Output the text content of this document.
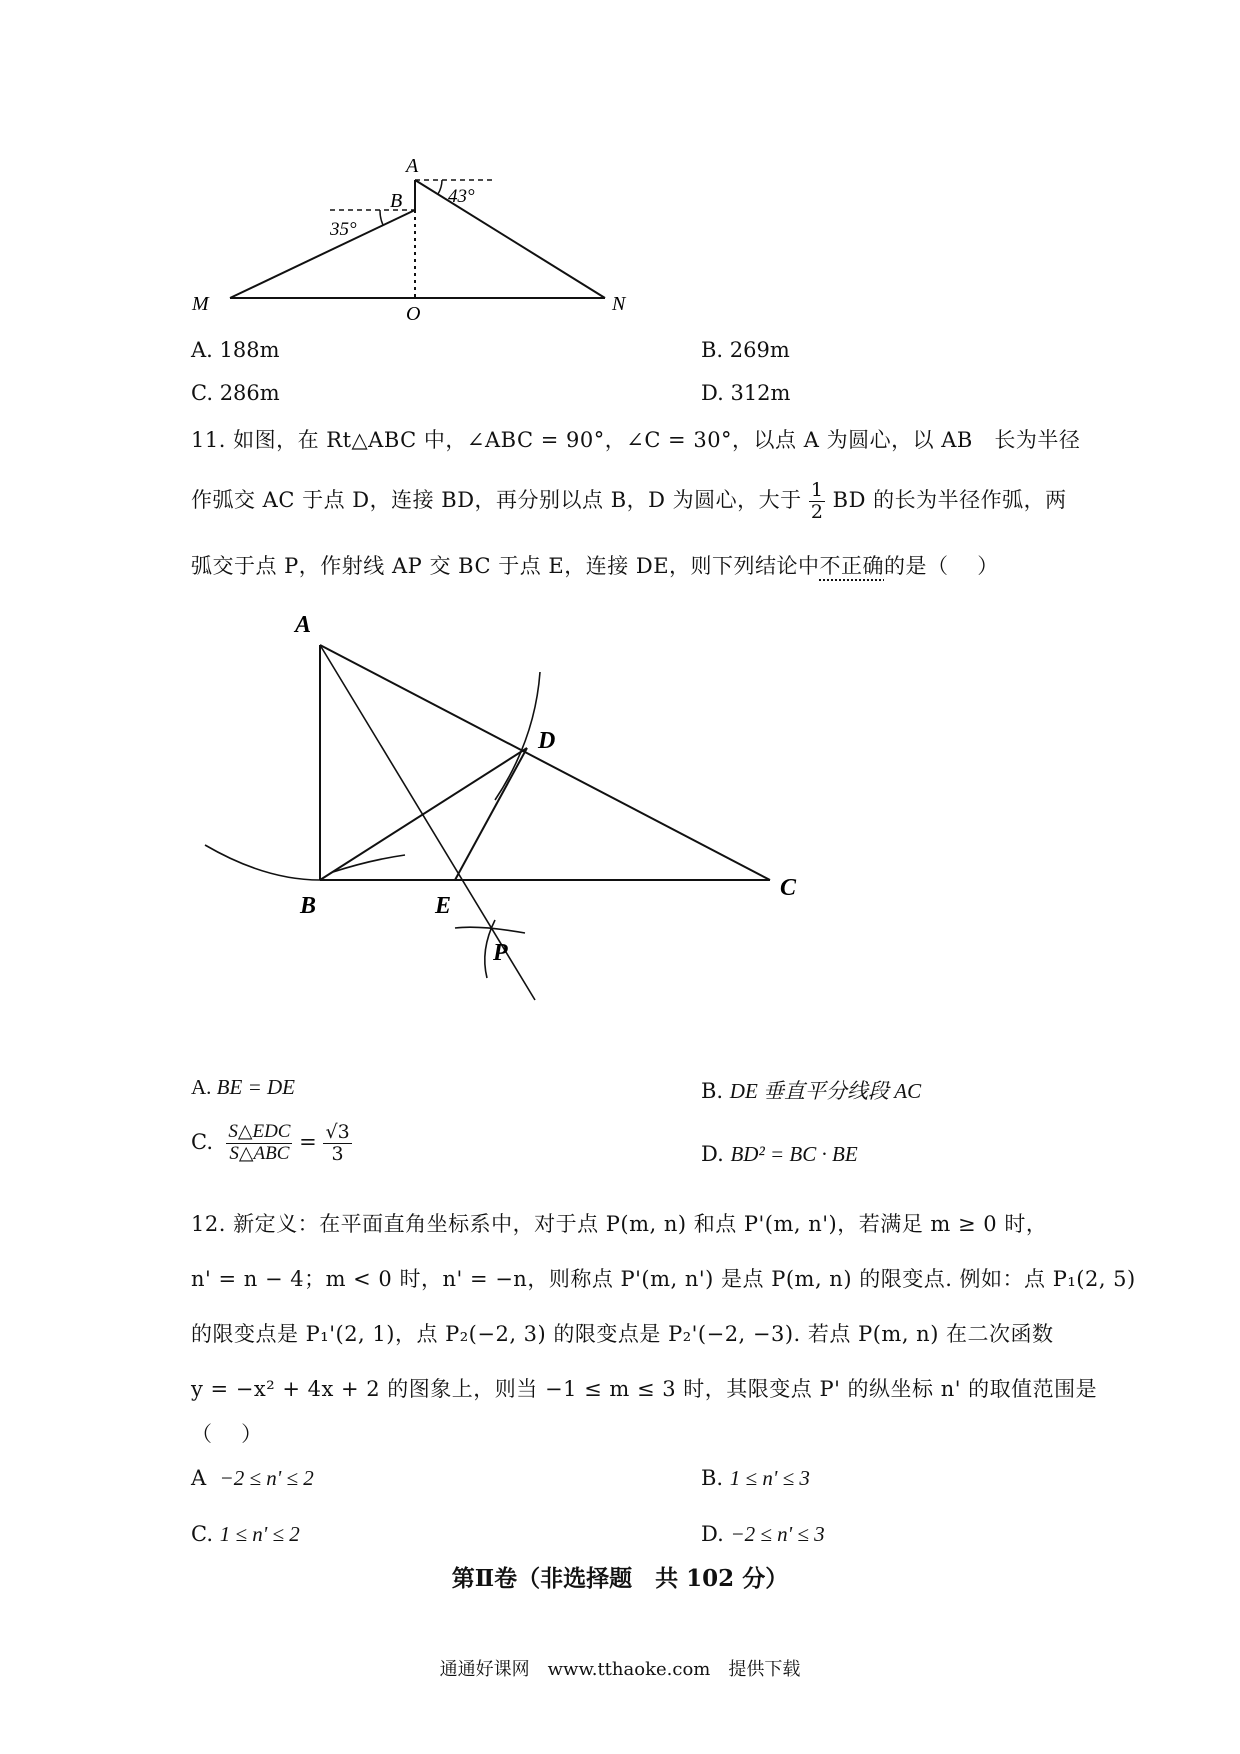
A
B
M	O	N
43°
35°
A. 188m	B. 269m
C. 286m	D. 312m
11. 如图，在 Rt△ABC 中，∠ABC = 90°，∠C = 30°，以点 A 为圆心，以 AB　长为半径
作弧交 AC 于点 D，连接 BD，再分别以点 B，D 为圆心，大于 $\frac{1}{2}$ BD 的长为半径作弧，两
弧交于点 P，作射线 AP 交 BC 于点 E，连接 DE，则下列结论中不正确的是（　 ）
A
B
C
D
E
P
A. BE = DE	B. DE 垂直平分线段 AC
C. $\frac{\text{S△EDC}}{\text{S△ABC}} = \frac{√3}{3}$	D. BD² = BC · BE
12. 新定义：在平面直角坐标系中，对于点 P(m, n) 和点 P'(m, n')，若满足 m ≥ 0 时，
n' = n − 4；m < 0 时，n' = −n，则称点 P'(m, n') 是点 P(m, n) 的限变点. 例如：点 P₁(2, 5)
的限变点是 P₁'(2, 1)，点 P₂(−2, 3) 的限变点是 P₂'(−2, −3). 若点 P(m, n) 在二次函数
y = −x² + 4x + 2 的图象上，则当 −1 ≤ m ≤ 3 时，其限变点 P' 的纵坐标 n' 的取值范围是
（　 ）
A −2 ≤ n' ≤ 2	B. 1 ≤ n' ≤ 3
C. 1 ≤ n' ≤ 2	D. −2 ≤ n' ≤ 3
第Ⅱ卷（非选择题　共 102 分）
通通好课网　www.tthaoke.com　提供下载
